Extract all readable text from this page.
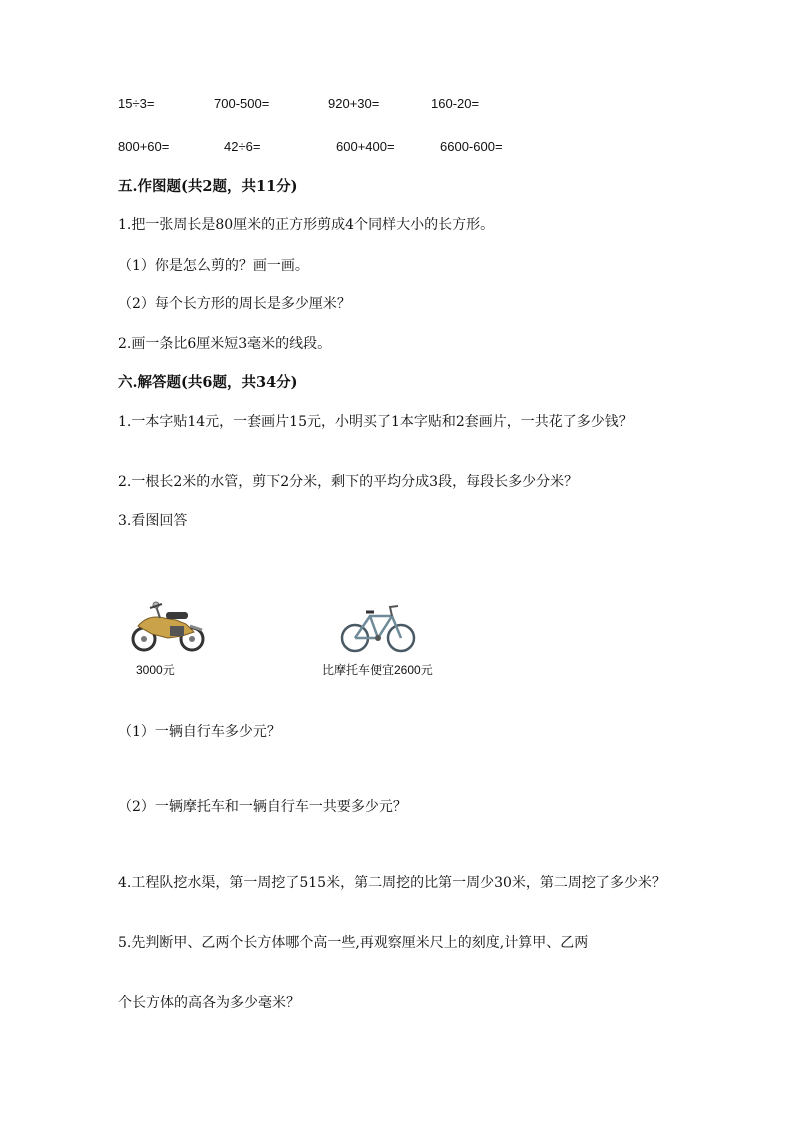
15÷3=	700-500=	920+30=	160-20=
800+60=	42÷6=	600+400=	6600-600=
五.作图题(共2题，共11分)
1.把一张周长是80厘米的正方形剪成4个同样大小的长方形。
（1）你是怎么剪的？画一画。
（2）每个长方形的周长是多少厘米？
2.画一条比6厘米短3毫米的线段。
六.解答题(共6题，共34分)
1.一本字贴14元，一套画片15元，小明买了1本字贴和2套画片，一共花了多少钱？
2.一根长2米的水管，剪下2分米，剩下的平均分成3段，每段长多少分米？
3.看图回答
3000元	比摩托车便宜2600元
（1）一辆自行车多少元？
（2）一辆摩托车和一辆自行车一共要多少元？
4.工程队挖水渠，第一周挖了515米，第二周挖的比第一周少30米，第二周挖了多少米？
5.先判断甲、乙两个长方体哪个高一些,再观察厘米尺上的刻度,计算甲、乙两
个长方体的高各为多少毫米？
